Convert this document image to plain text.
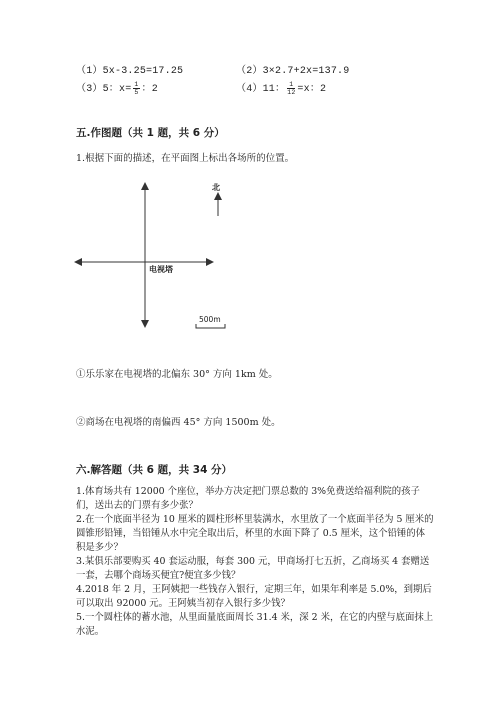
（1）5x-3.25=17.25	（2）3×2.7+2x=137.9
（3）5：$x= \frac{1}{5}$ ：2	（4）11： $\frac{1}{12} =x$：2
五.作图题（共 1 题，共 6 分）
1.根据下面的描述，在平面图上标出各场所的位置。
电视塔
北
500m
①乐乐家在电视塔的北偏东 30° 方向 1km 处。
②商场在电视塔的南偏西 45° 方向 1500m 处。
六.解答题（共 6 题，共 34 分）

1.体育场共有 12000 个座位，举办方决定把门票总数的 3%免费送给福利院的孩子们，送出去的门票有多少张？

2.在一个底面半径为 10 厘米的圆柱形杯里装满水，水里放了一个底面半径为 5 厘米的圆锥形铅锤，当铅锤从水中完全取出后，杯里的水面下降了 0.5 厘米，这个铅锤的体积是多少？

3.某俱乐部要购买 40 套运动服，每套 300 元，甲商场打七五折，乙商场买 4 套赠送一套，去哪个商场买便宜?便宜多少钱？

4.2018 年 2 月，王阿姨把一些钱存入银行，定期三年，如果年利率是 5.0%，到期后可以取出 92000 元。王阿姨当初存入银行多少钱？

5.一个圆柱体的蓄水池，从里面量底面周长 31.4 米，深 2 米，在它的内壁与底面抹上水泥。
